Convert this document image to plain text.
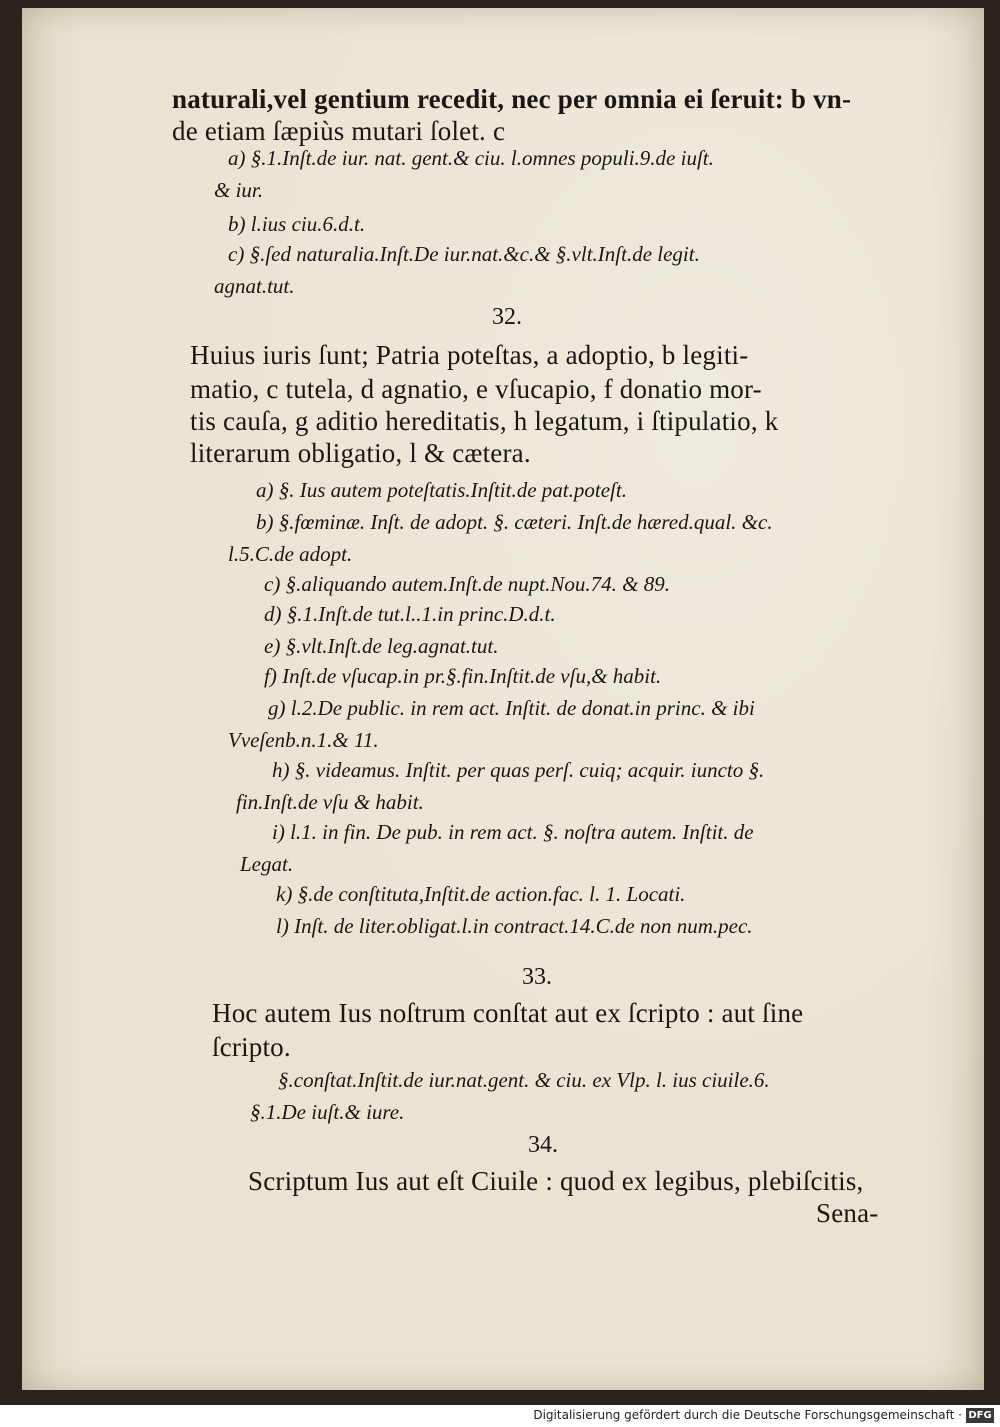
naturali,vel gentium recedit, nec per omnia ei ſeruit: b vn-
de etiam ſæpiùs mutari ſolet. c
a) §.1.Inſt.de iur. nat. gent.& ciu. l.omnes populi.9.de iuſt.
& iur.
b) l.ius ciu.6.d.t.
c) §.ſed naturalia.Inſt.De iur.nat.&c.& §.vlt.Inſt.de legit.
agnat.tut.
32.
Huius iuris ſunt; Patria poteſtas, a adoptio, b legiti-
matio, c tutela, d agnatio, e vſucapio, f donatio mor-
tis cauſa, g aditio hereditatis, h legatum, i ſtipulatio, k
literarum obligatio, l & cætera.
a) §. Ius autem poteſtatis.Inſtit.de pat.poteſt.
b) §.fœminæ. Inſt. de adopt. §. cæteri. Inſt.de hæred.qual. &c.
l.5.C.de adopt.
c) §.aliquando autem.Inſt.de nupt.Nou.74. & 89.
d) §.1.Inſt.de tut.l..1.in princ.D.d.t.
e) §.vlt.Inſt.de leg.agnat.tut.
f) Inſt.de vſucap.in pr.§.fin.Inſtit.de vſu,& habit.
g) l.2.De public. in rem act. Inſtit. de donat.in princ. & ibi
Vveſenb.n.1.& 11.
h) §. videamus. Inſtit. per quas perſ. cuiq; acquir. iuncto §.
fin.Inſt.de vſu & habit.
i) l.1. in fin. De pub. in rem act. §. noſtra autem. Inſtit. de
Legat.
k) §.de conſtituta,Inſtit.de action.fac. l. 1. Locati.
l) Inſt. de liter.obligat.l.in contract.14.C.de non num.pec.
33.
Hoc autem Ius noſtrum conſtat aut ex ſcripto : aut ſine
ſcripto.
§.conſtat.Inſtit.de iur.nat.gent. & ciu. ex Vlp. l. ius ciuile.6.
§.1.De iuſt.& iure.
34.
Scriptum Ius aut eſt Ciuile : quod ex legibus, plebiſcitis,
Sena-
Digitalisierung gefördert durch die Deutsche Forschungsgemeinschaft · DFG
